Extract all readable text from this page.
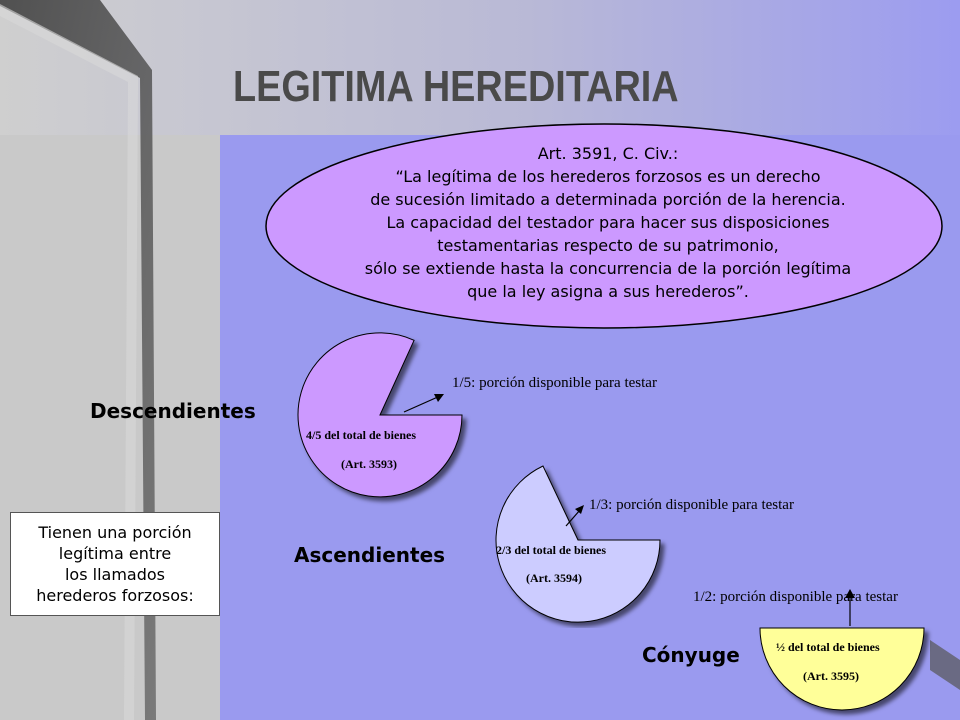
LEGITIMA HEREDITARIA
Art. 3591, C. Civ.:
“La legítima de los herederos forzosos es un derecho
de sucesión limitado a determinada porción de la herencia.
La capacidad del testador para hacer sus disposiciones
testamentarias respecto de su patrimonio,
sólo se extiende hasta la concurrencia de la porción legítima
que la ley asigna a sus herederos”.
4/5 del total de bienes
(Art. 3593)
1/5: porción disponible para testar
Descendientes
2/3 del total de bienes
(Art. 3594)
1/3: porción disponible para testar
Ascendientes
½ del total de bienes
(Art. 3595)
1/2: porción disponible para testar
Cónyuge
Tienen una porción
legítima entre
los llamados
herederos forzosos:
